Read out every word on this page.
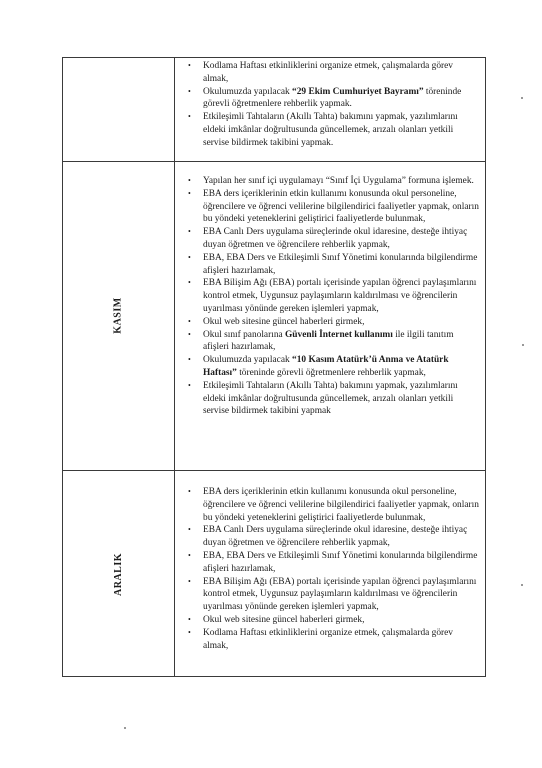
KASIM
ARALIK
• Kodlama Haftası etkinliklerini organize etmek, çalışmalarda görev almak,
• Okulumuzda yapılacak “29 Ekim Cumhuriyet Bayramı” töreninde görevli öğretmenlere rehberlik yapmak.
• Etkileşimli Tahtaların (Akıllı Tahta) bakımını yapmak, yazılımlarını eldeki imkânlar doğrultusunda güncellemek, arızalı olanları yetkili servise bildirmek takibini yapmak.
• Yapılan her sınıf içi uygulamayı “Sınıf İçi Uygulama” formuna işlemek.
• EBA ders içeriklerinin etkin kullanımı konusunda okul personeline, öğrencilere ve öğrenci velilerine bilgilendirici faaliyetler yapmak, onların bu yöndeki yeteneklerini geliştirici faaliyetlerde bulunmak,
• EBA Canlı Ders uygulama süreçlerinde okul idaresine, desteğe ihtiyaç duyan öğretmen ve öğrencilere rehberlik yapmak,
• EBA, EBA Ders ve Etkileşimli Sınıf Yönetimi konularında bilgilendirme afişleri hazırlamak,
• EBA Bilişim Ağı (EBA) portalı içerisinde yapılan öğrenci paylaşımlarını kontrol etmek, Uygunsuz paylaşımların kaldırılması ve öğrencilerin uyarılması yönünde gereken işlemleri yapmak,
• Okul web sitesine güncel haberleri girmek,
• Okul sınıf panolarına Güvenli İnternet kullanımı ile ilgili tanıtım afişleri hazırlamak,
• Okulumuzda yapılacak “10 Kasım Atatürk’ü Anma ve Atatürk Haftası” töreninde görevli öğretmenlere rehberlik yapmak,
• Etkileşimli Tahtaların (Akıllı Tahta) bakımını yapmak, yazılımlarını eldeki imkânlar doğrultusunda güncellemek, arızalı olanları yetkili servise bildirmek takibini yapmak
• EBA ders içeriklerinin etkin kullanımı konusunda okul personeline, öğrencilere ve öğrenci velilerine bilgilendirici faaliyetler yapmak, onların bu yöndeki yeteneklerini geliştirici faaliyetlerde bulunmak,
• EBA Canlı Ders uygulama süreçlerinde okul idaresine, desteğe ihtiyaç duyan öğretmen ve öğrencilere rehberlik yapmak,
• EBA, EBA Ders ve Etkileşimli Sınıf Yönetimi konularında bilgilendirme afişleri hazırlamak,
• EBA Bilişim Ağı (EBA) portalı içerisinde yapılan öğrenci paylaşımlarını kontrol etmek, Uygunsuz paylaşımların kaldırılması ve öğrencilerin uyarılması yönünde gereken işlemleri yapmak,
• Okul web sitesine güncel haberleri girmek,
• Kodlama Haftası etkinliklerini organize etmek, çalışmalarda görev almak,
